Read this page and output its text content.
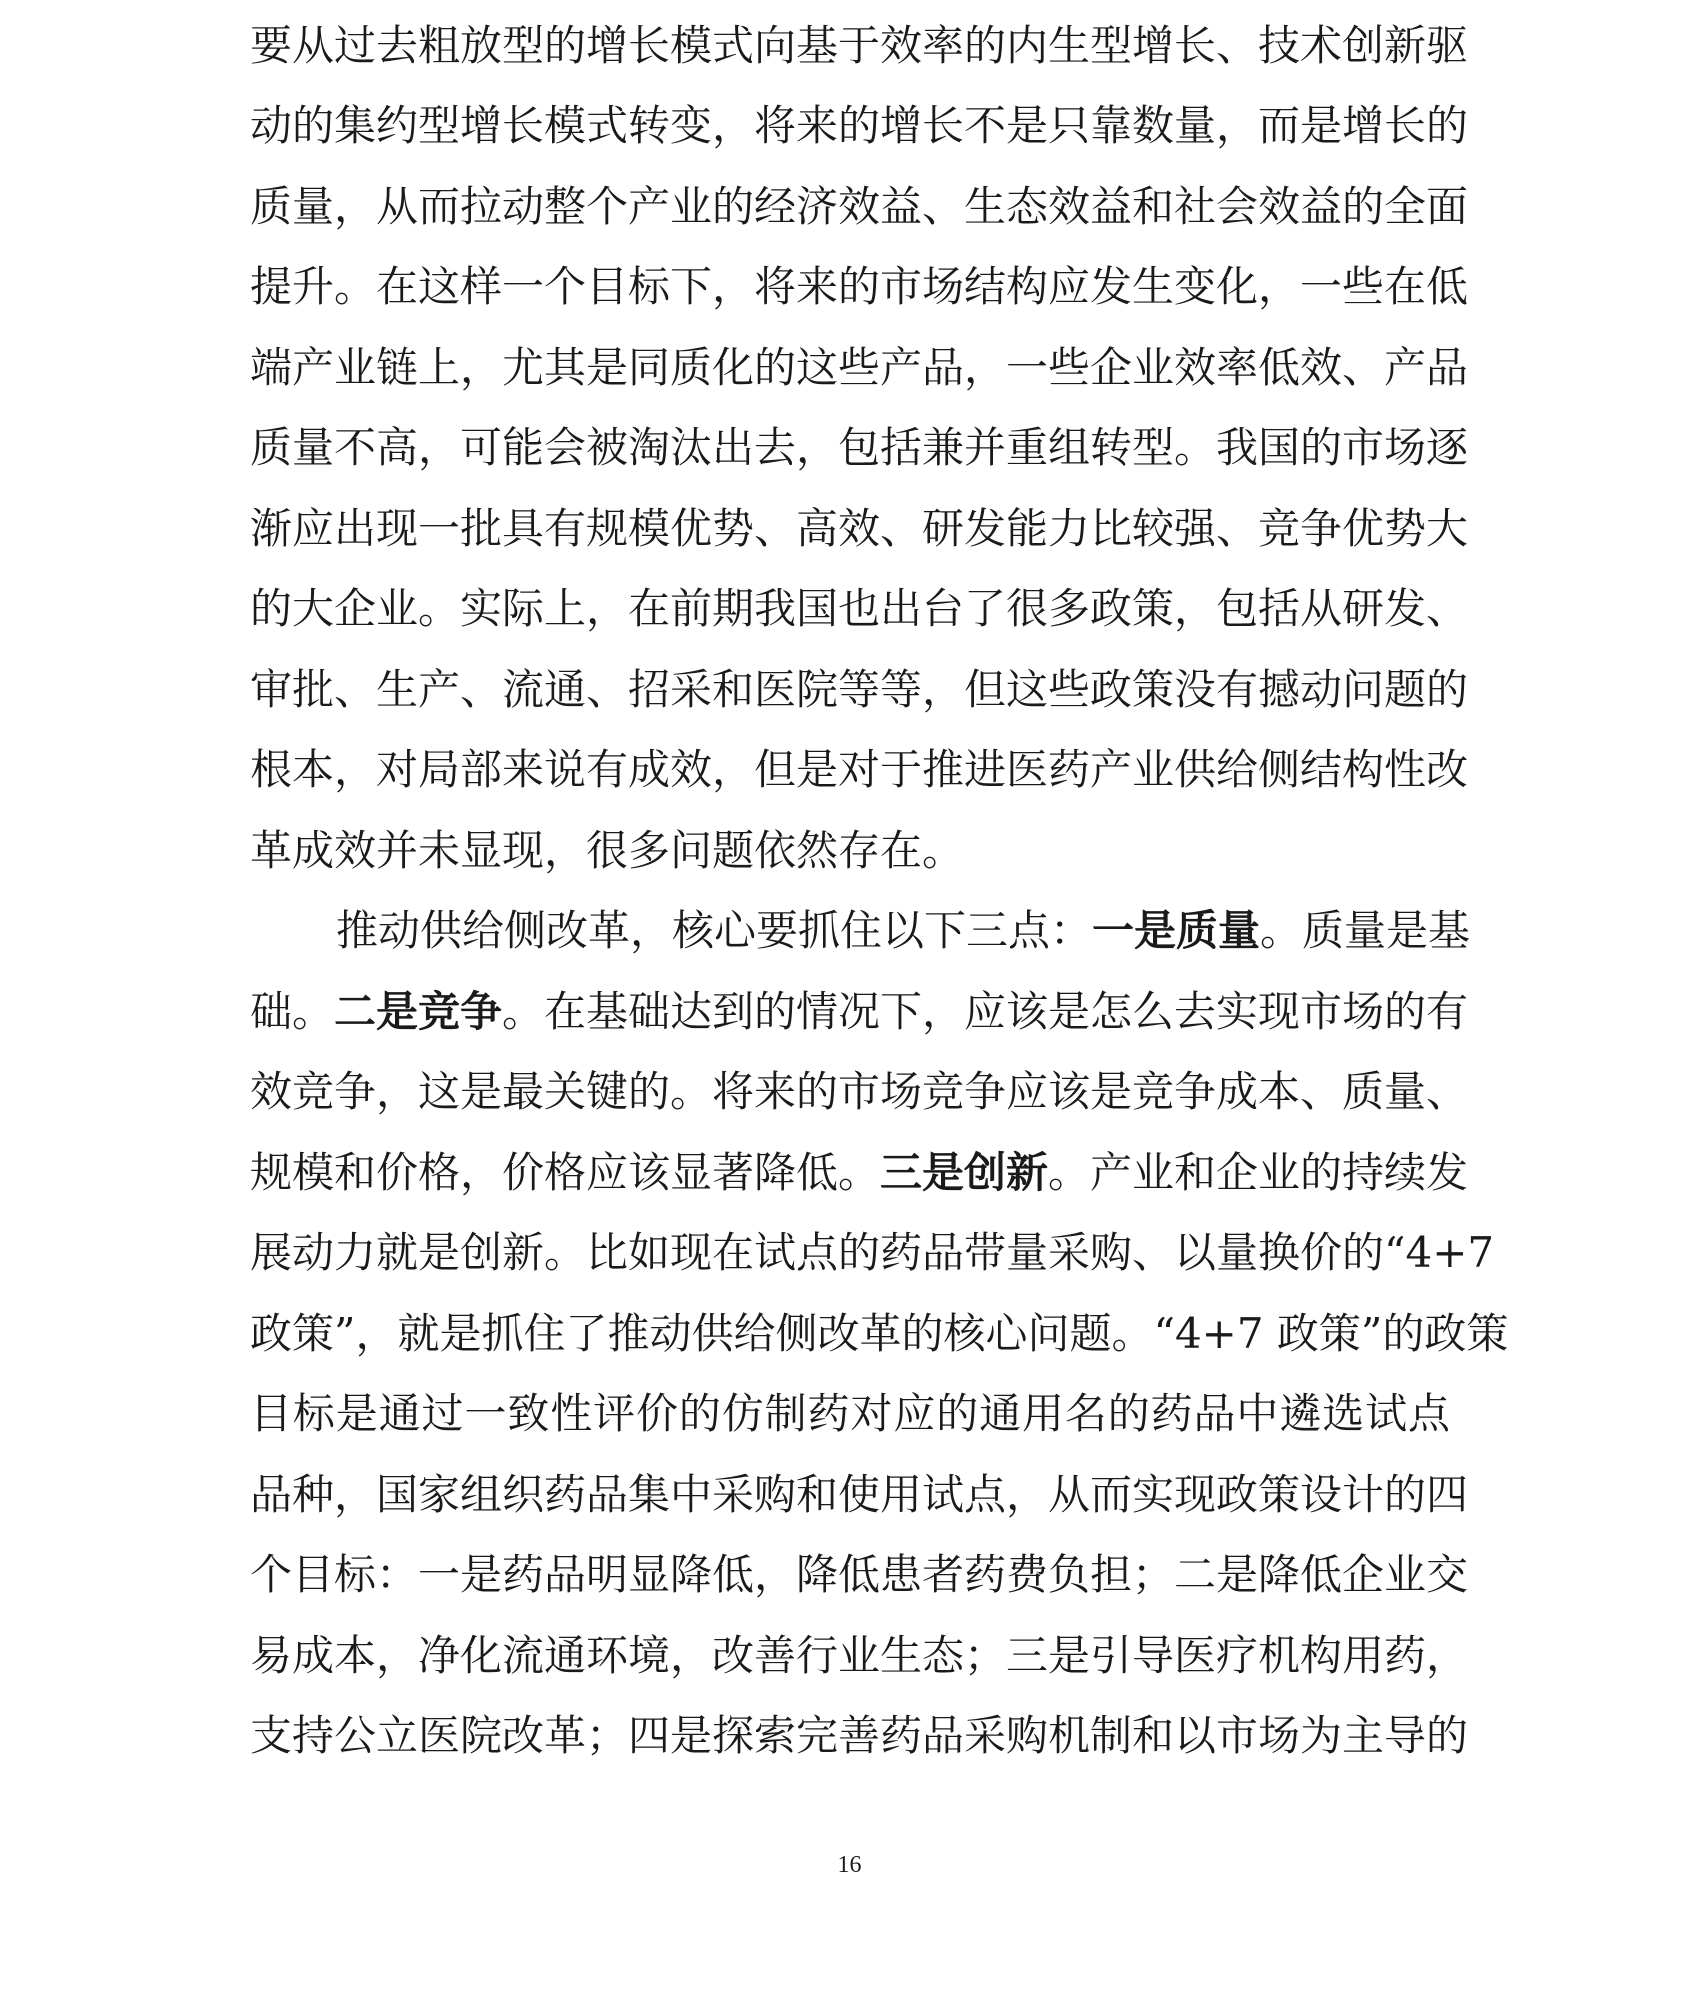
要从过去粗放型的增长模式向基于效率的内生型增长、技术创新驱
动的集约型增长模式转变，将来的增长不是只靠数量，而是增长的
质量，从而拉动整个产业的经济效益、生态效益和社会效益的全面
提升。在这样一个目标下，将来的市场结构应发生变化，一些在低
端产业链上，尤其是同质化的这些产品，一些企业效率低效、产品
质量不高，可能会被淘汰出去，包括兼并重组转型。我国的市场逐
渐应出现一批具有规模优势、高效、研发能力比较强、竞争优势大
的大企业。实际上，在前期我国也出台了很多政策，包括从研发、
审批、生产、流通、招采和医院等等，但这些政策没有撼动问题的
根本，对局部来说有成效，但是对于推进医药产业供给侧结构性改
革成效并未显现，很多问题依然存在。
推动供给侧改革，核心要抓住以下三点：一是质量。质量是基
础。二是竞争。在基础达到的情况下，应该是怎么去实现市场的有
效竞争，这是最关键的。将来的市场竞争应该是竞争成本、质量、
规模和价格，价格应该显著降低。三是创新。产业和企业的持续发
展动力就是创新。比如现在试点的药品带量采购、以量换价的“4+7
政策”，就是抓住了推动供给侧改革的核心问题。“4+7 政策”的政策
目标是通过一致性评价的仿制药对应的通用名的药品中遴选试点
品种，国家组织药品集中采购和使用试点，从而实现政策设计的四
个目标：一是药品明显降低，降低患者药费负担；二是降低企业交
易成本，净化流通环境，改善行业生态；三是引导医疗机构用药，
支持公立医院改革；四是探索完善药品采购机制和以市场为主导的
16
